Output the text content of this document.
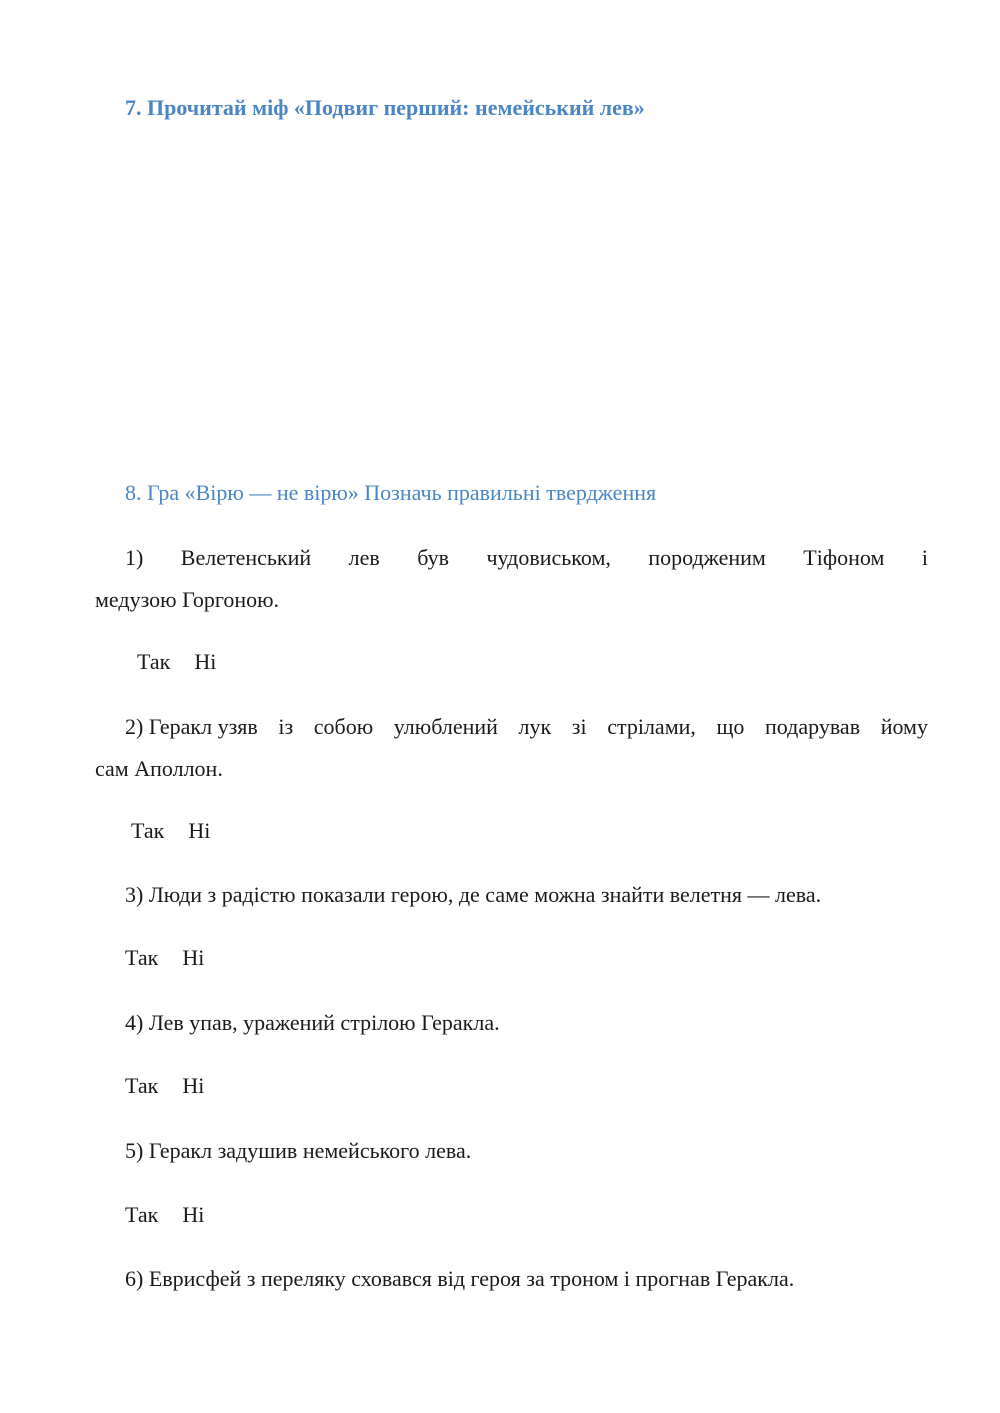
7. Прочитай міф «Подвиг перший: немейський лев»
8. Гра «Вірю — не вірю» Позначь правильні твердження
1) Велетенський лев був чудовиськом, породженим Тіфоном і
медузою Горгоною.
Так Ні
2) Геракл узяв із собою улюблений лук зі стрілами, що подарував йому
сам Аполлон.
Так Ні
3) Люди з радістю показали герою, де саме можна знайти велетня — лева.
Так Ні
4) Лев упав, уражений стрілою Геракла.
Так Ні
5) Геракл задушив немейського лева.
Так Ні
6) Еврисфей з переляку сховався від героя за троном і прогнав Геракла.
